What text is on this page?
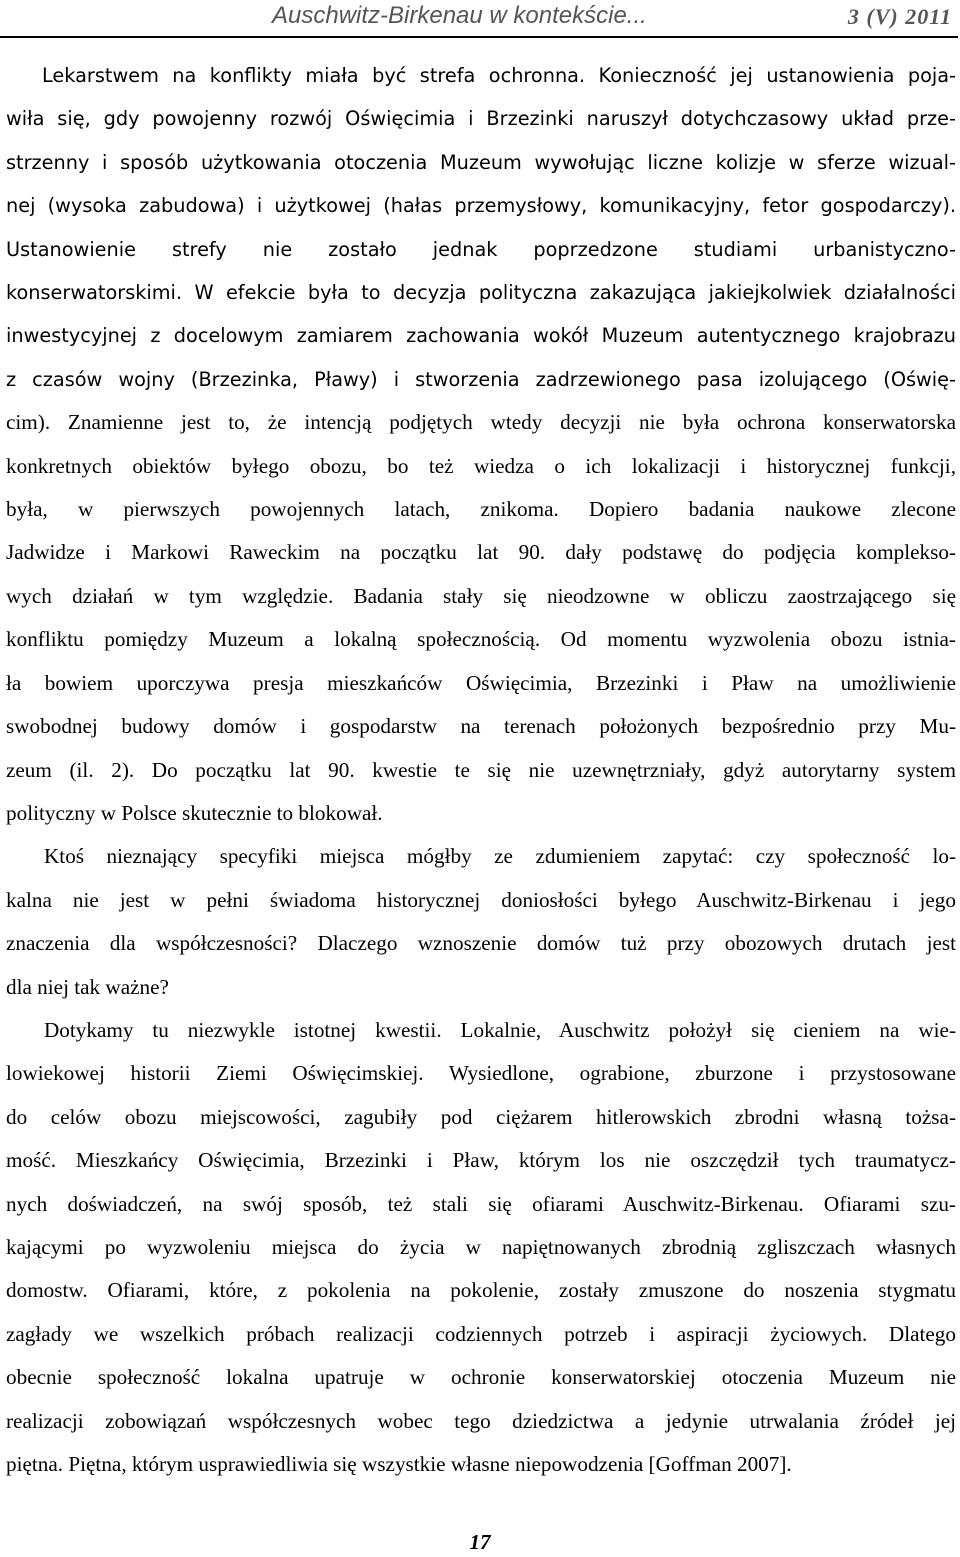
Auschwitz-Birkenau w kontekście...	3 (V) 2011
Lekarstwem na konflikty miała być strefa ochronna. Konieczność jej ustanowienia poja-
wiła się, gdy powojenny rozwój Oświęcimia i Brzezinki naruszył dotychczasowy układ prze-
strzenny i sposób użytkowania otoczenia Muzeum wywołując liczne kolizje w sferze wizual-
nej (wysoka zabudowa) i użytkowej (hałas przemysłowy, komunikacyjny, fetor gospodarczy).
Ustanowienie strefy nie zostało jednak poprzedzone studiami urbanistyczno-
konserwatorskimi. W efekcie była to decyzja polityczna zakazująca jakiejkolwiek działalności
inwestycyjnej z docelowym zamiarem zachowania wokół Muzeum autentycznego krajobrazu
z czasów wojny (Brzezinka, Pławy) i stworzenia zadrzewionego pasa izolującego (Oświę-
cim). Znamienne jest to, że intencją podjętych wtedy decyzji nie była ochrona konserwatorska
konkretnych obiektów byłego obozu, bo też wiedza o ich lokalizacji i historycznej funkcji,
była, w pierwszych powojennych latach, znikoma. Dopiero badania naukowe zlecone
Jadwidze i Markowi Raweckim na początku lat 90. dały podstawę do podjęcia komplekso-
wych działań w tym względzie. Badania stały się nieodzowne w obliczu zaostrzającego się
konfliktu pomiędzy Muzeum a lokalną społecznością. Od momentu wyzwolenia obozu istnia-
ła bowiem uporczywa presja mieszkańców Oświęcimia, Brzezinki i Pław na umożliwienie
swobodnej budowy domów i gospodarstw na terenach położonych bezpośrednio przy Mu-
zeum (il. 2). Do początku lat 90. kwestie te się nie uzewnętrzniały, gdyż autorytarny system
polityczny w Polsce skutecznie to blokował.
Ktoś nieznający specyfiki miejsca mógłby ze zdumieniem zapytać: czy społeczność lo-
kalna nie jest w pełni świadoma historycznej doniosłości byłego Auschwitz-Birkenau i jego
znaczenia dla współczesności? Dlaczego wznoszenie domów tuż przy obozowych drutach jest
dla niej tak ważne?
Dotykamy tu niezwykle istotnej kwestii. Lokalnie, Auschwitz położył się cieniem na wie-
lowiekowej historii Ziemi Oświęcimskiej. Wysiedlone, ograbione, zburzone i przystosowane
do celów obozu miejscowości, zagubiły pod ciężarem hitlerowskich zbrodni własną tożsa-
mość. Mieszkańcy Oświęcimia, Brzezinki i Pław, którym los nie oszczędził tych traumatycz-
nych doświadczeń, na swój sposób, też stali się ofiarami Auschwitz-Birkenau. Ofiarami szu-
kającymi po wyzwoleniu miejsca do życia w napiętnowanych zbrodnią zgliszczach własnych
domostw. Ofiarami, które, z pokolenia na pokolenie, zostały zmuszone do noszenia stygmatu
zagłady we wszelkich próbach realizacji codziennych potrzeb i aspiracji życiowych. Dlatego
obecnie społeczność lokalna upatruje w ochronie konserwatorskiej otoczenia Muzeum nie
realizacji zobowiązań współczesnych wobec tego dziedzictwa a jedynie utrwalania źródeł jej
piętna. Piętna, którym usprawiedliwia się wszystkie własne niepowodzenia [Goffman 2007].
17
